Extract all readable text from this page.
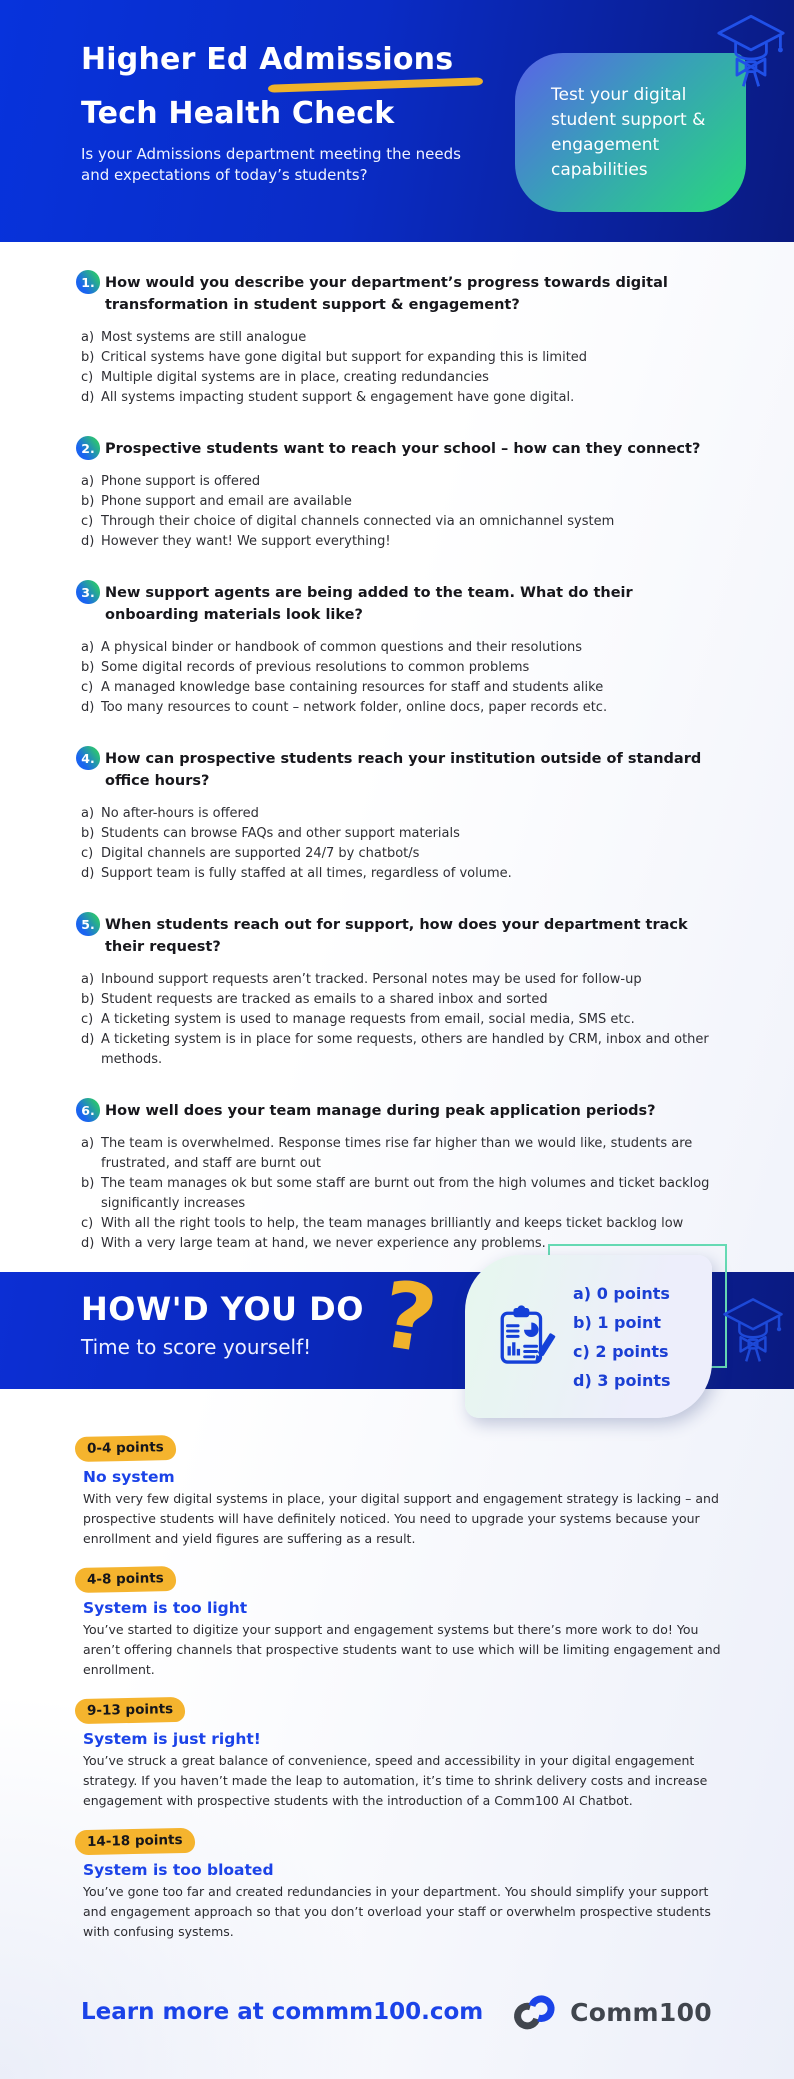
Higher Ed Admissions
Tech Health Check

Is your Admissions department meeting the needs and expectations of today’s students?

Test your digital student support & engagement capabilities
1. How would you describe your department’s progress towards digital transformation in student support & engagement?
a) Most systems are still analogue
b) Critical systems have gone digital but support for expanding this is limited
c) Multiple digital systems are in place, creating redundancies
d) All systems impacting student support & engagement have gone digital.
2. Prospective students want to reach your school – how can they connect?
a) Phone support is offered
b) Phone support and email are available
c) Through their choice of digital channels connected via an omnichannel system
d) However they want! We support everything!
3. New support agents are being added to the team. What do their onboarding materials look like?
a) A physical binder or handbook of common questions and their resolutions
b) Some digital records of previous resolutions to common problems
c) A managed knowledge base containing resources for staff and students alike
d) Too many resources to count – network folder, online docs, paper records etc.
4. How can prospective students reach your institution outside of standard office hours?
a) No after-hours is offered
b) Students can browse FAQs and other support materials
c) Digital channels are supported 24/7 by chatbot/s
d) Support team is fully staffed at all times, regardless of volume.
5. When students reach out for support, how does your department track their request?
a) Inbound support requests aren’t tracked. Personal notes may be used for follow-up
b) Student requests are tracked as emails to a shared inbox and sorted
c) A ticketing system is used to manage requests from email, social media, SMS etc.
d) A ticketing system is in place for some requests, others are handled by CRM, inbox and other methods.
6. How well does your team manage during peak application periods?
a) The team is overwhelmed. Response times rise far higher than we would like, students are frustrated, and staff are burnt out
b) The team manages ok but some staff are burnt out from the high volumes and ticket backlog significantly increases
c) With all the right tools to help, the team manages brilliantly and keeps ticket backlog low
d) With a very large team at hand, we never experience any problems.
HOW'D YOU DO
Time to score yourself! ?	a) 0 points
b) 1 point
c) 2 points
d) 3 points
0-4 points
No system
With very few digital systems in place, your digital support and engagement strategy is lacking – and prospective students will have definitely noticed. You need to upgrade your systems because your enrollment and yield figures are suffering as a result.
4-8 points
System is too light
You’ve started to digitize your support and engagement systems but there’s more work to do! You aren’t offering channels that prospective students want to use which will be limiting engagement and enrollment.
9-13 points
System is just right!
You’ve struck a great balance of convenience, speed and accessibility in your digital engagement strategy. If you haven’t made the leap to automation, it’s time to shrink delivery costs and increase engagement with prospective students with the introduction of a Comm100 AI Chatbot.
14-18 points
System is too bloated
You’ve gone too far and created redundancies in your department. You should simplify your support and engagement approach so that you don’t overload your staff or overwhelm prospective students with confusing systems.
Learn more at commm100.com	Comm100
